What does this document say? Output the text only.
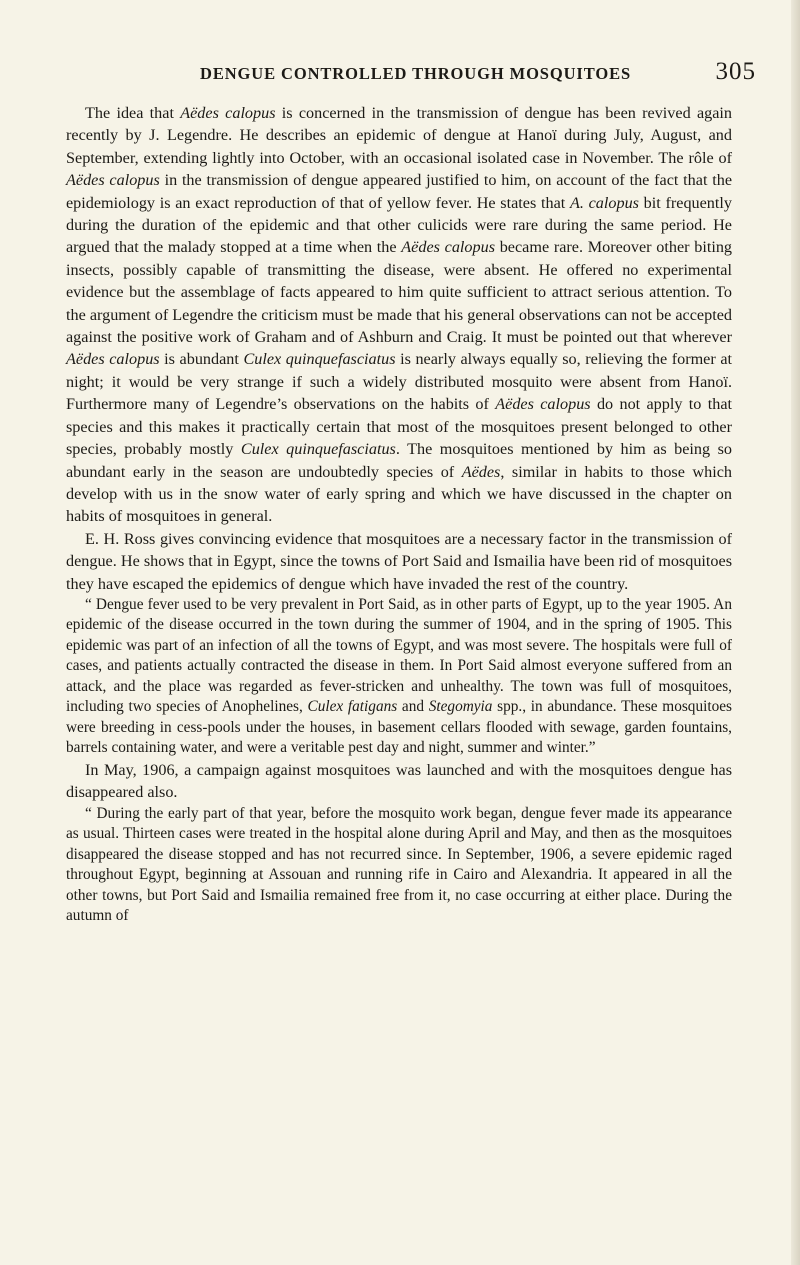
DENGUE CONTROLLED THROUGH MOSQUITOES	305

The idea that Aëdes calopus is concerned in the transmission of dengue has been revived again recently by J. Legendre. He describes an epidemic of dengue at Hanoï during July, August, and September, extending lightly into October, with an occasional isolated case in November. The rôle of Aëdes calopus in the transmission of dengue appeared justified to him, on account of the fact that the epidemiology is an exact reproduction of that of yellow fever. He states that A. calopus bit frequently during the duration of the epidemic and that other culicids were rare during the same period. He argued that the malady stopped at a time when the Aëdes calopus became rare. Moreover other biting insects, possibly capable of transmitting the disease, were absent. He offered no experimental evidence but the assemblage of facts appeared to him quite sufficient to attract serious attention. To the argument of Legendre the criticism must be made that his general observations can not be accepted against the positive work of Graham and of Ashburn and Craig. It must be pointed out that wherever Aëdes calopus is abundant Culex quinquefasciatus is nearly always equally so, relieving the former at night; it would be very strange if such a widely distributed mosquito were absent from Hanoï. Furthermore many of Legendre’s observations on the habits of Aëdes calopus do not apply to that species and this makes it practically certain that most of the mosquitoes present belonged to other species, probably mostly Culex quinquefasciatus. The mosquitoes mentioned by him as being so abundant early in the season are undoubtedly species of Aëdes, similar in habits to those which develop with us in the snow water of early spring and which we have discussed in the chapter on habits of mosquitoes in general.

E. H. Ross gives convincing evidence that mosquitoes are a necessary factor in the transmission of dengue. He shows that in Egypt, since the towns of Port Said and Ismailia have been rid of mosquitoes they have escaped the epidemics of dengue which have invaded the rest of the country.

“ Dengue fever used to be very prevalent in Port Said, as in other parts of Egypt, up to the year 1905. An epidemic of the disease occurred in the town during the summer of 1904, and in the spring of 1905. This epidemic was part of an infection of all the towns of Egypt, and was most severe. The hospitals were full of cases, and patients actually contracted the disease in them. In Port Said almost everyone suffered from an attack, and the place was regarded as fever-stricken and unhealthy. The town was full of mosquitoes, including two species of Anophelines, Culex fatigans and Stegomyia spp., in abundance. These mosquitoes were breeding in cess-pools under the houses, in basement cellars flooded with sewage, garden fountains, barrels containing water, and were a veritable pest day and night, summer and winter.”

In May, 1906, a campaign against mosquitoes was launched and with the mosquitoes dengue has disappeared also.

“ During the early part of that year, before the mosquito work began, dengue fever made its appearance as usual. Thirteen cases were treated in the hospital alone during April and May, and then as the mosquitoes disappeared the disease stopped and has not recurred since. In September, 1906, a severe epidemic raged throughout Egypt, beginning at Assouan and running rife in Cairo and Alexandria. It appeared in all the other towns, but Port Said and Ismailia remained free from it, no case occurring at either place. During the autumn of
